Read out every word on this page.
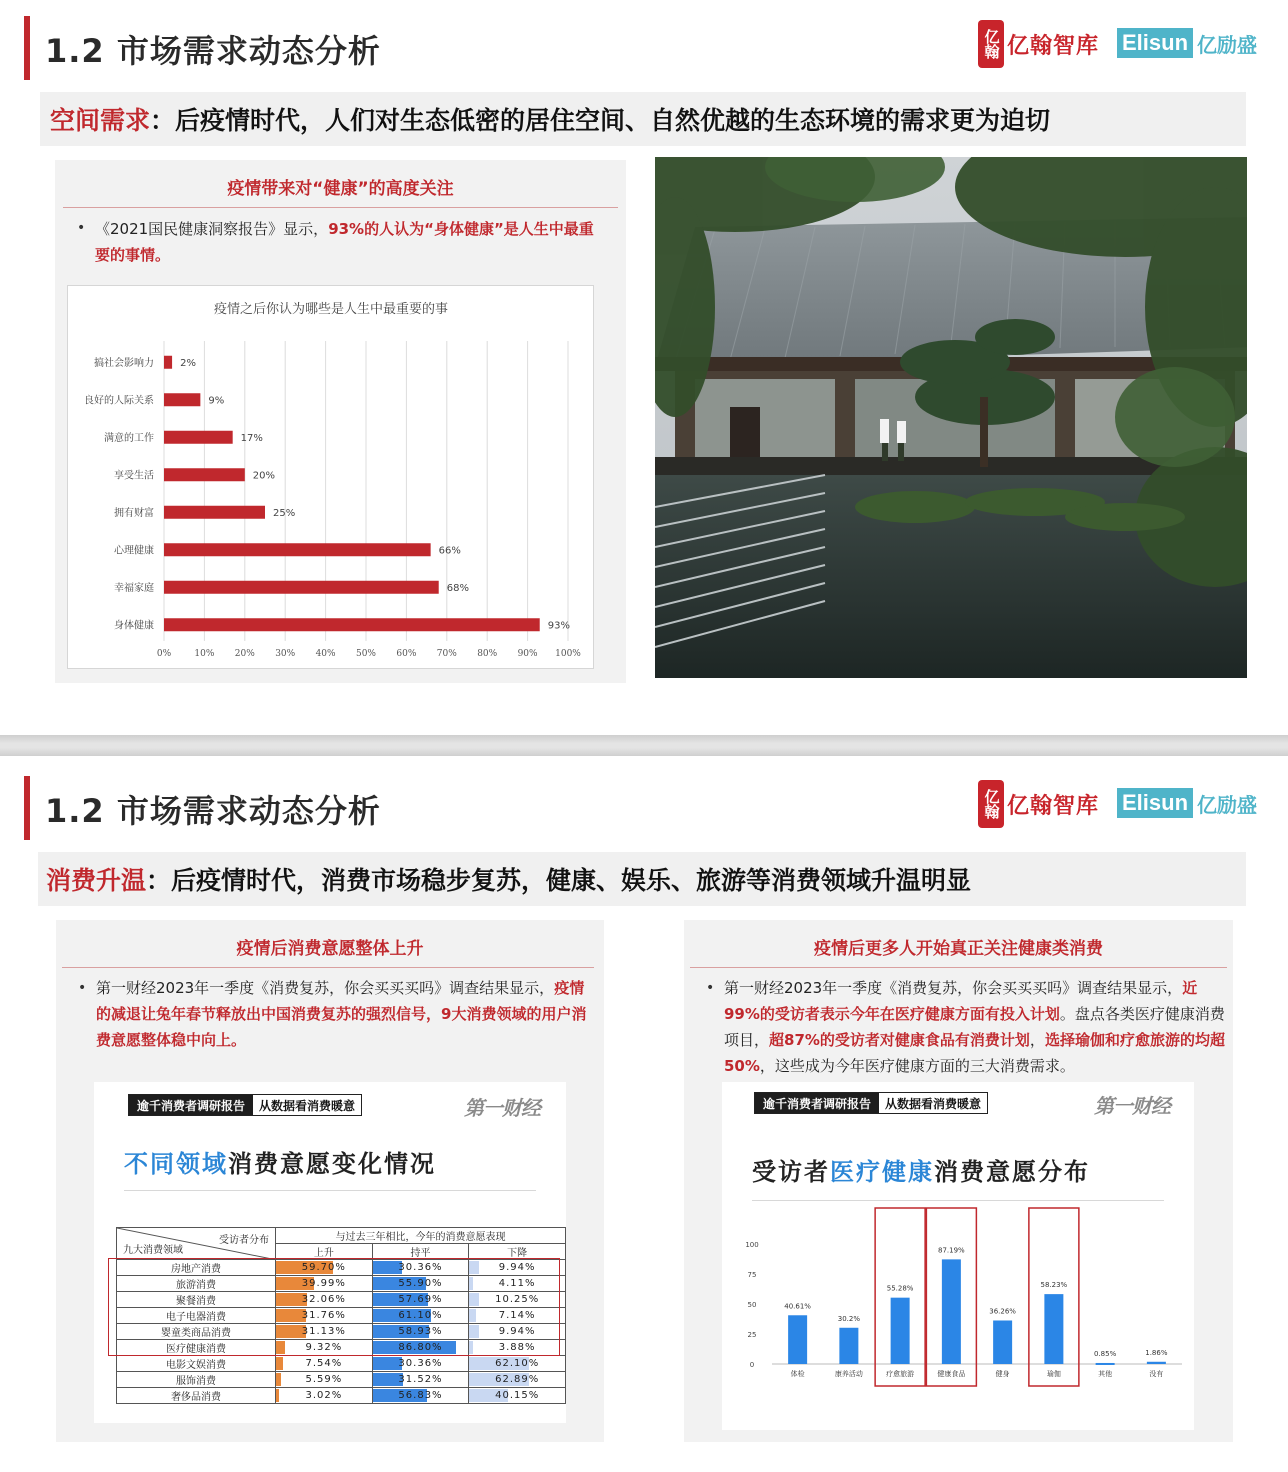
1.2 市场需求动态分析	亿翰 亿翰智库 Elisun 亿励盛
空间需求 ：后疫情时代，人们对生态低密的居住空间、自然优越的生态环境的需求更为迫切
疫情带来对“健康”的高度关注
• 《2021国民健康洞察报告》显示，93%的人认为“身体健康”是人生中最重要的事情。
疫情之后你认为哪些是人生中最重要的事
0%	10% 20% 30% 40% 50% 60% 70% 80% 90% 100%
搞社会影响力	2%
良好的人际关系	9%
满意的工作	17%
享受生活	20%
拥有财富	25%
心理健康	66%
幸福家庭	68%
身体健康	93%
1.2 市场需求动态分析	亿翰 亿翰智库 Elisun 亿励盛
消费升温 ：后疫情时代，消费市场稳步复苏，健康、娱乐、旅游等消费领域升温明显
疫情后消费意愿整体上升
• 第一财经2023年一季度《消费复苏，你会买买买吗》调查结果显示，疫情的减退让兔年春节释放出中国消费复苏的强烈信号，9大消费领域的用户消费意愿整体稳中向上。
逾千消费者调研报告	从数据看消费暖意	第一财经
不同领域消费意愿变化情况
受访者分布
九大消费领域	与过去三年相比，今年的消费意愿表现		
	上升	持平	下降
房地产消费	59.70%	30.36%	9.94%
旅游消费	39.99%	55.90%	4.11%
聚餐消费	32.06%	57.69%	10.25%
电子电器消费	31.76%	61.10%	7.14%
婴童类商品消费	31.13%	58.93%	9.94%
医疗健康消费	9.32%	86.80%	3.88%
电影文娱消费	7.54%	30.36%	62.10%
服饰消费	5.59%	31.52%	62.89%
奢侈品消费	3.02%	56.83%	40.15%
疫情后更多人开始真正关注健康类消费
• 第一财经2023年一季度《消费复苏，你会买买买吗》调查结果显示，近99%的受访者表示今年在医疗健康方面有投入计划。盘点各类医疗健康消费项目，超87%的受访者对健康食品有消费计划，选择瑜伽和疗愈旅游的均超50%，这些成为今年医疗健康方面的三大消费需求。
逾千消费者调研报告	从数据看消费暖意	第一财经
受访者医疗健康消费意愿分布
0
25
50
75
100
40.61%
体检
30.2%
康养活动
55.28%
疗愈旅游
87.19%
健康食品
36.26%
健身
58.23%
瑜伽
0.85%
其他
1.86%
没有
